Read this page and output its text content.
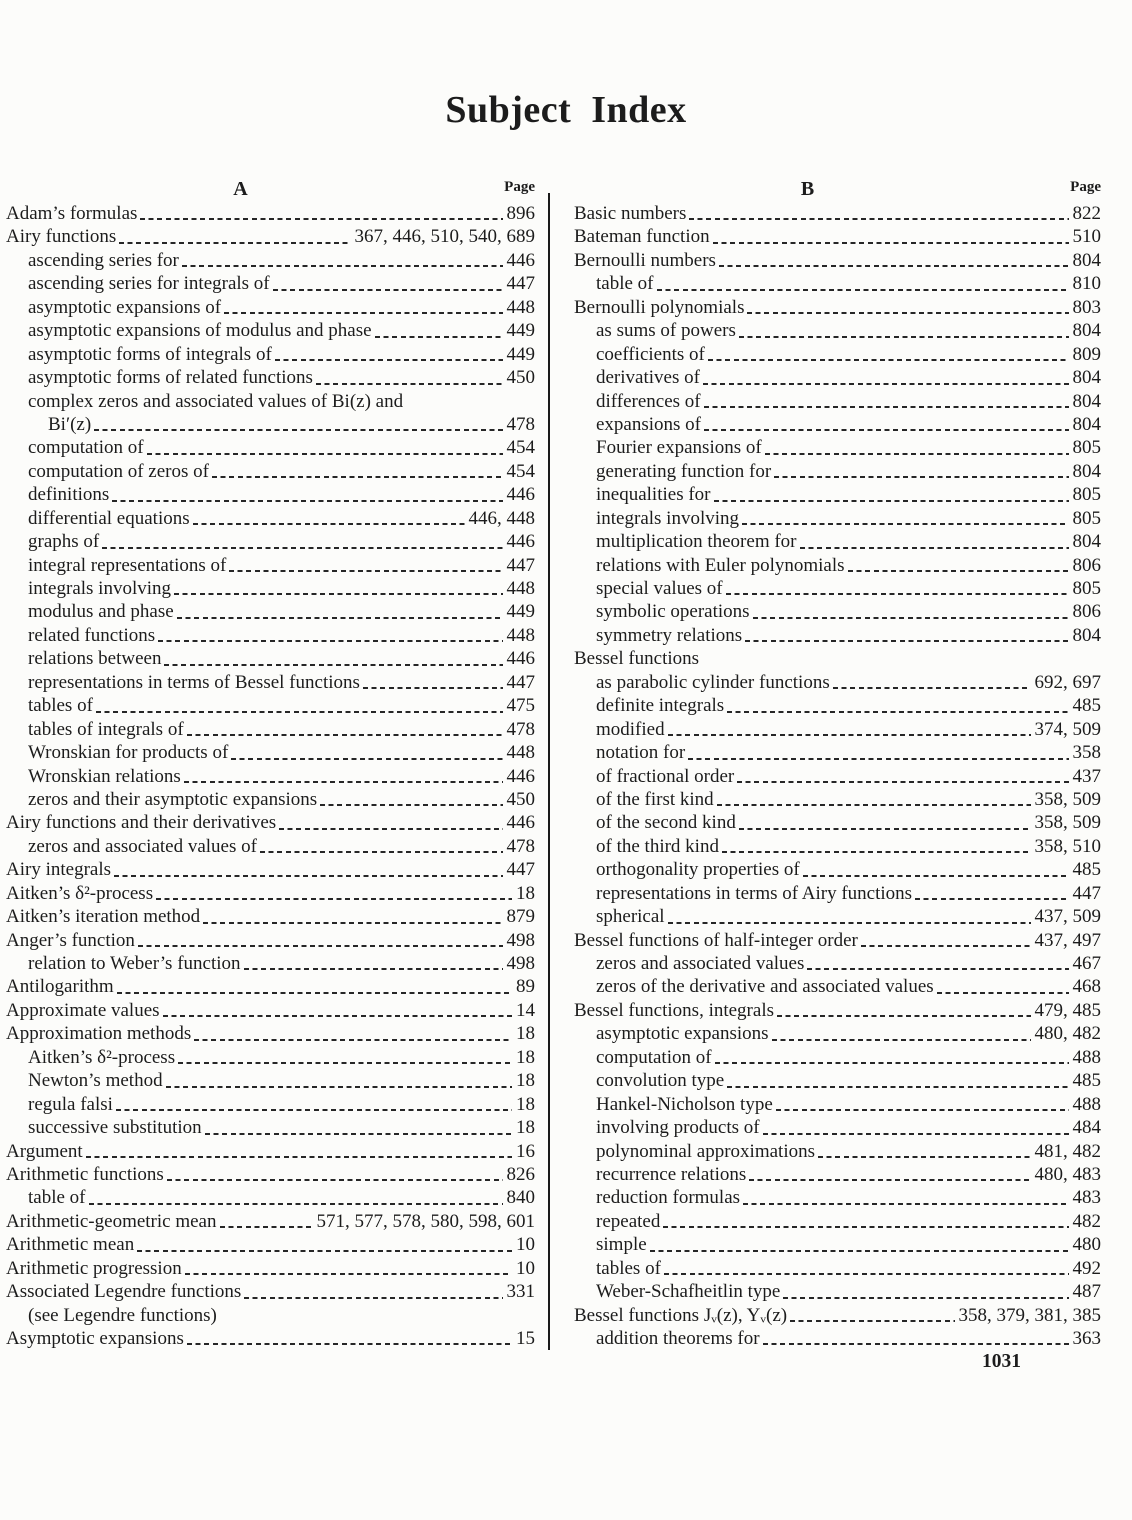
Subject Index
A	Page
Adam’s formulas	896
Airy functions	367, 446, 510, 540, 689
ascending series for	446
ascending series for integrals of	447
asymptotic expansions of	448
asymptotic expansions of modulus and phase	449
asymptotic forms of integrals of	449
asymptotic forms of related functions	450
complex zeros and associated values of Bi(z) and
Bi′(z)	478
computation of	454
computation of zeros of	454
definitions	446
differential equations	446, 448
graphs of	446
integral representations of	447
integrals involving	448
modulus and phase	449
related functions	448
relations between	446
representations in terms of Bessel functions	447
tables of	475
tables of integrals of	478
Wronskian for products of	448
Wronskian relations	446
zeros and their asymptotic expansions	450
Airy functions and their derivatives	446
zeros and associated values of	478
Airy integrals	447
Aitken’s δ²-process	18
Aitken’s iteration method	879
Anger’s function	498
relation to Weber’s function	498
Antilogarithm	89
Approximate values	14
Approximation methods	18
Aitken’s δ²-process	18
Newton’s method	18
regula falsi	18
successive substitution	18
Argument	16
Arithmetic functions	826
table of	840
Arithmetic-geometric mean	571, 577, 578, 580, 598, 601
Arithmetic mean	10
Arithmetic progression	10
Associated Legendre functions	331
(see Legendre functions)
Asymptotic expansions	15
B	Page
Basic numbers	822
Bateman function	510
Bernoulli numbers	804
table of	810
Bernoulli polynomials	803
as sums of powers	804
coefficients of	809
derivatives of	804
differences of	804
expansions of	804
Fourier expansions of	805
generating function for	804
inequalities for	805
integrals involving	805
multiplication theorem for	804
relations with Euler polynomials	806
special values of	805
symbolic operations	806
symmetry relations	804
Bessel functions
as parabolic cylinder functions	692, 697
definite integrals	485
modified	374, 509
notation for	358
of fractional order	437
of the first kind	358, 509
of the second kind	358, 509
of the third kind	358, 510
orthogonality properties of	485
representations in terms of Airy functions	447
spherical	437, 509
Bessel functions of half-integer order	437, 497
zeros and associated values	467
zeros of the derivative and associated values	468
Bessel functions, integrals	479, 485
asymptotic expansions	480, 482
computation of	488
convolution type	485
Hankel-Nicholson type	488
involving products of	484
polynominal approximations	481, 482
recurrence relations	480, 483
reduction formulas	483
repeated	482
simple	480
tables of	492
Weber-Schafheitlin type	487
Bessel functions Jᵥ(z), Yᵥ(z)	358, 379, 381, 385
addition theorems for	363
1031
